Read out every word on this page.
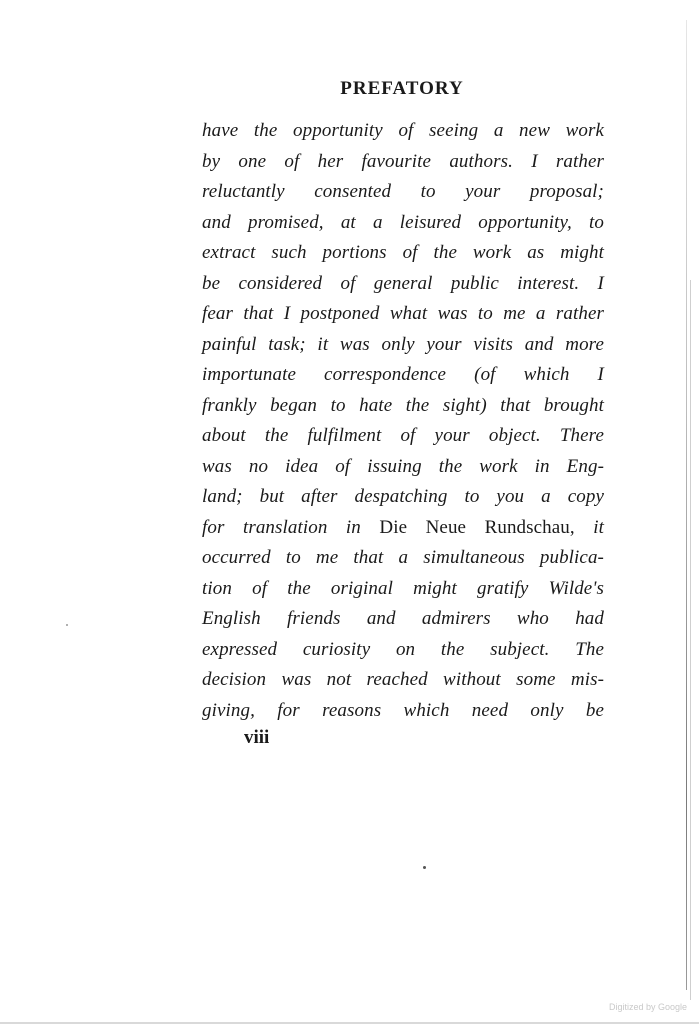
PREFATORY
have the opportunity of seeing a new work
by one of her favourite authors. I rather
reluctantly consented to your proposal;
and promised, at a leisured opportunity, to
extract such portions of the work as might
be considered of general public interest. I
fear that I postponed what was to me a rather
painful task; it was only your visits and more
importunate correspondence (of which I
frankly began to hate the sight) that brought
about the fulfilment of your object. There
was no idea of issuing the work in Eng-
land; but after despatching to you a copy
for translation in Die Neue Rundschau, it
occurred to me that a simultaneous publica-
tion of the original might gratify Wilde's
English friends and admirers who had
expressed curiosity on the subject. The
decision was not reached without some mis-
giving, for reasons which need only be
viii
Digitized by Google
